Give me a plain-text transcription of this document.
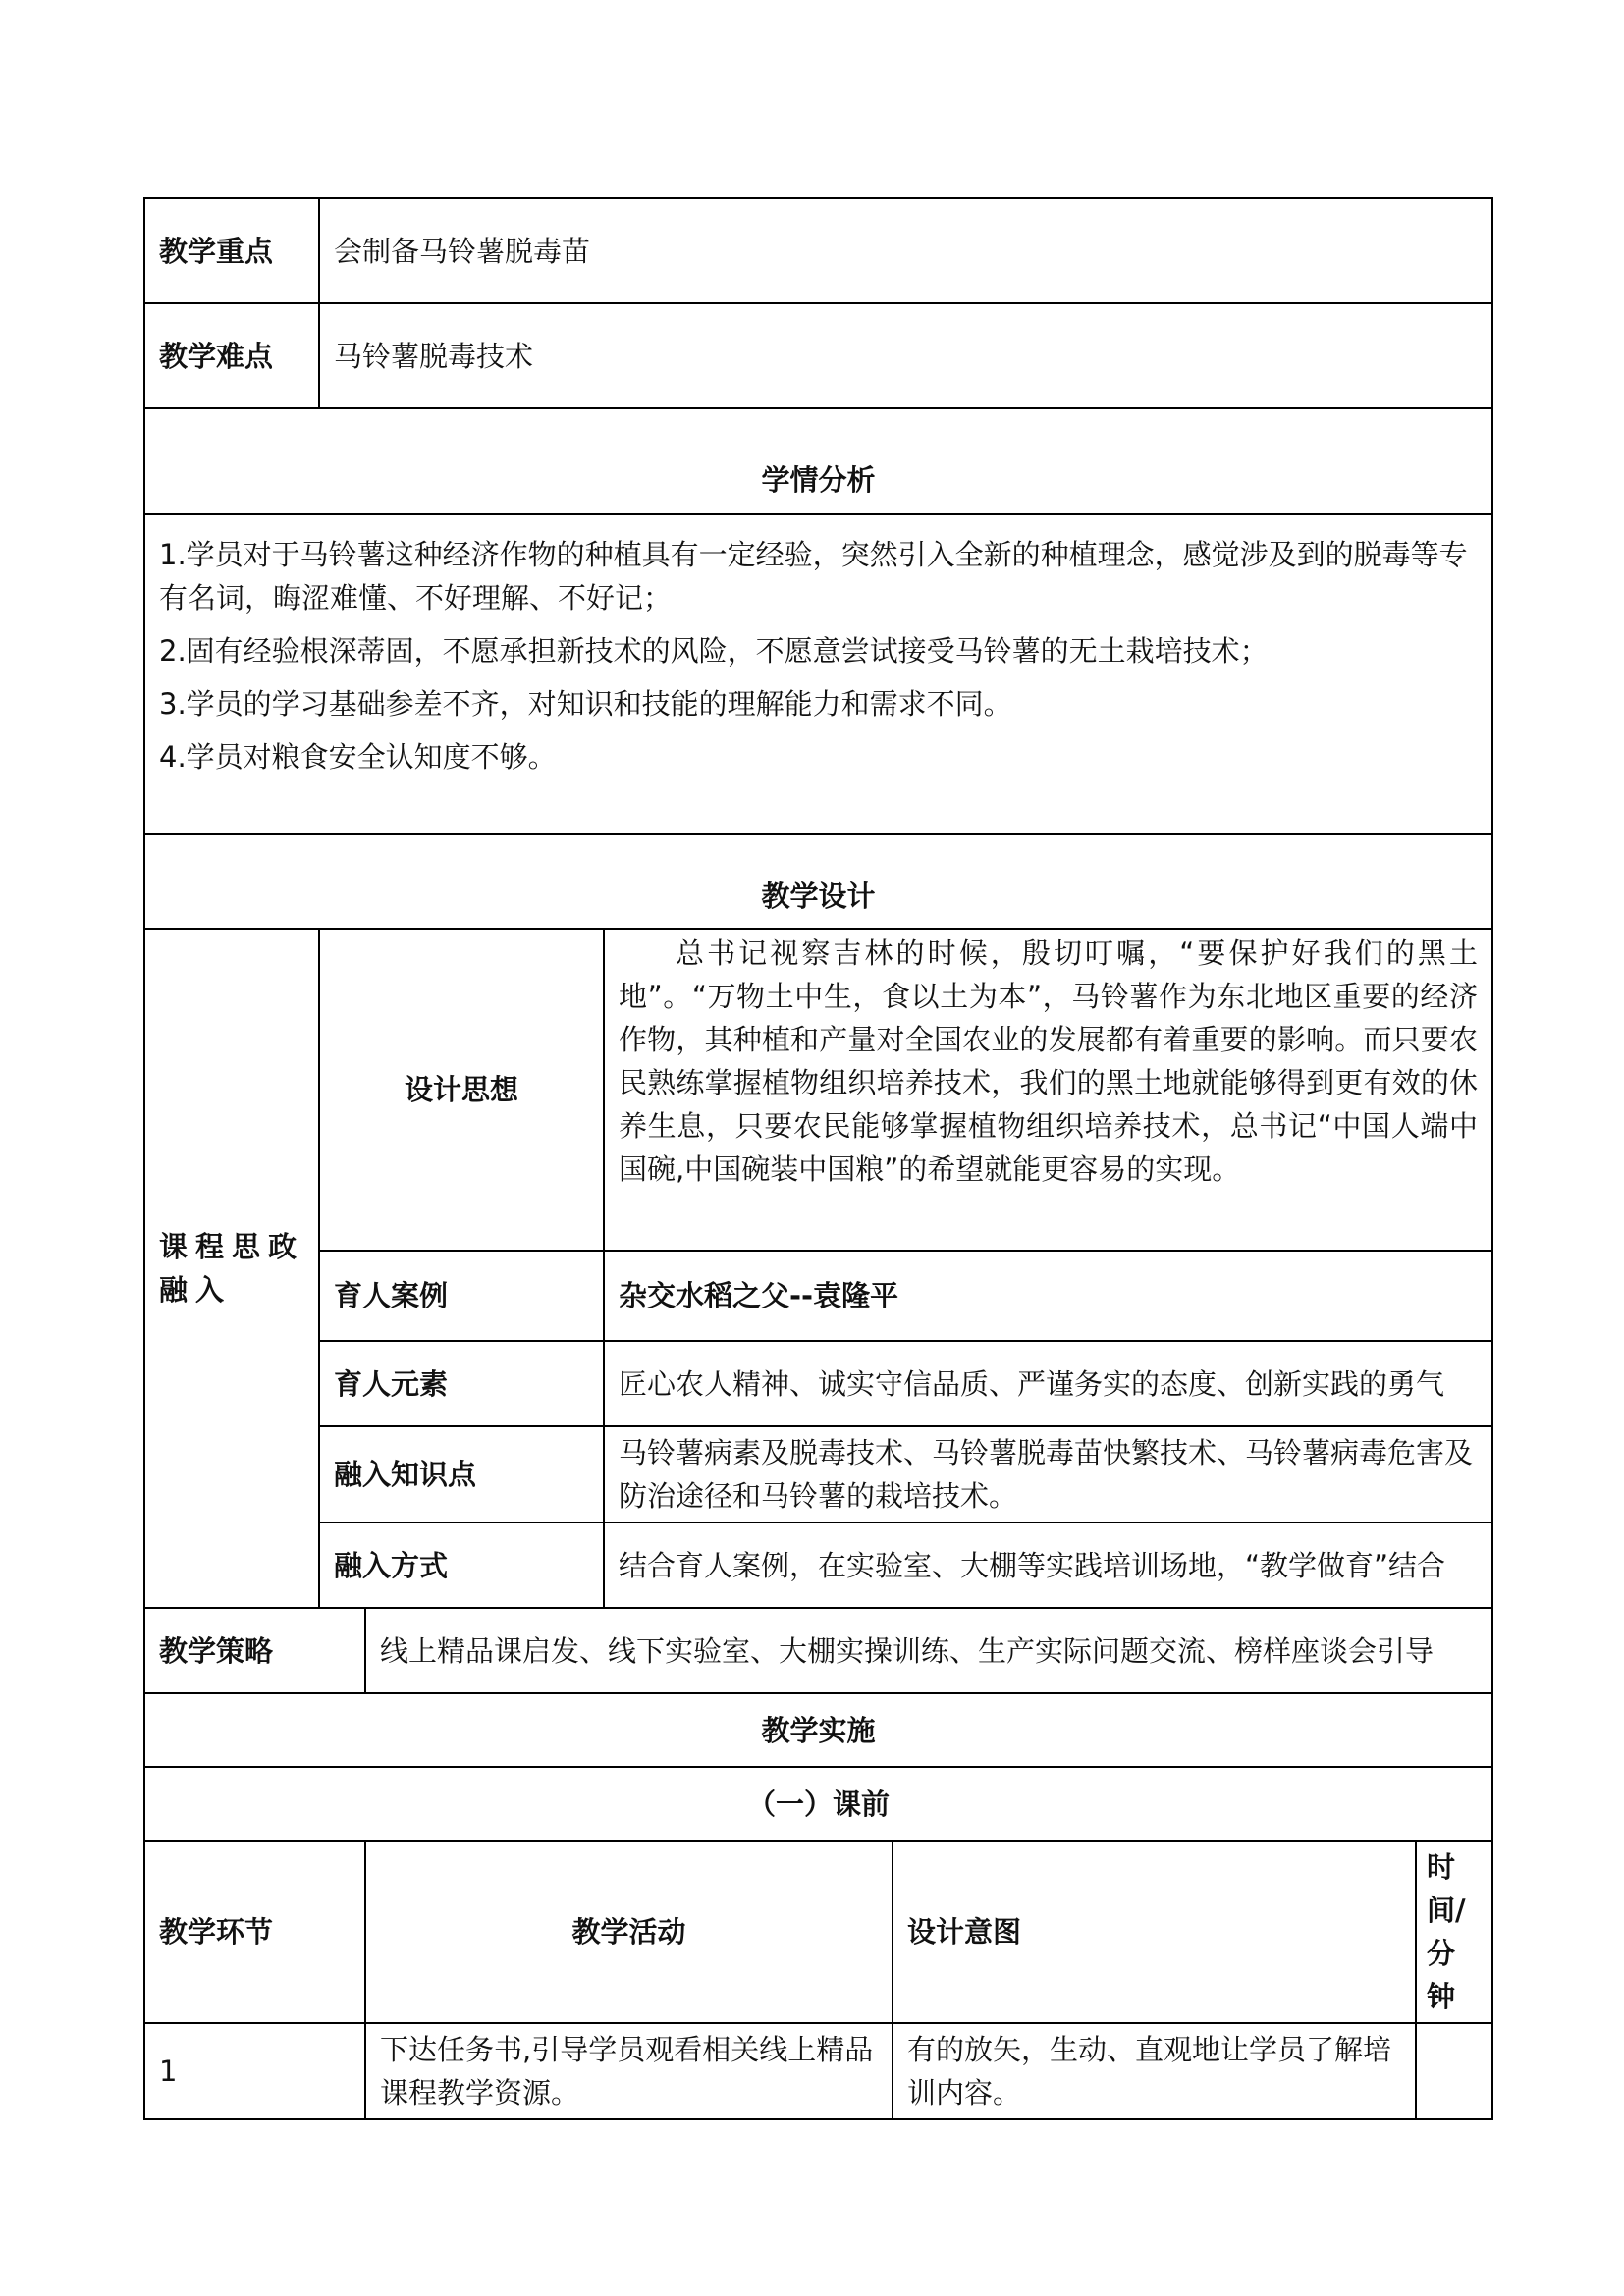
教学重点	会制备马铃薯脱毒苗				
教学难点	马铃薯脱毒技术				
学情分析					

1.学员对于马铃薯这种经济作物的种植具有一定经验，突然引入全新的种植理念，感觉涉及到的脱毒等专有名词，晦涩难懂、不好理解、不好记；

2.固有经验根深蒂固，不愿承担新技术的风险，不愿意尝试接受马铃薯的无土栽培技术；

3.学员的学习基础参差不齐，对知识和技能的理解能力和需求不同。

4.学员对粮食安全认知度不够。					

教学设计					
课程思政融入	设计思想		总书记视察吉林的时候，殷切叮嘱，“要保护好我们的黑土地”。“万物土中生，食以土为本”，马铃薯作为东北地区重要的经济作物，其种植和产量对全国农业的发展都有着重要的影响。而只要农民熟练掌握植物组织培养技术，我们的黑土地就能够得到更有效的休养生息，只要农民能够掌握植物组织培养技术，总书记“中国人端中国碗,中国碗装中国粮”的希望就能更容易的实现。		
	育人案例		杂交水稻之父--袁隆平		
	育人元素		匠心农人精神、诚实守信品质、严谨务实的态度、创新实践的勇气		
	融入知识点		马铃薯病素及脱毒技术、马铃薯脱毒苗快繁技术、马铃薯病毒危害及防治途径和马铃薯的栽培技术。		
	融入方式		结合育人案例，在实验室、大棚等实践培训场地，“教学做育”结合		
教学策略		线上精品课启发、线下实验室、大棚实操训练、生产实际问题交流、榜样座谈会引导			
教学实施					
（一）课前					
教学环节		教学活动		设计意图	时间/分钟

1		下达任务书,引导学员观看相关线上精品课程教学资源。		有的放矢，生动、直观地让学员了解培训内容。	
